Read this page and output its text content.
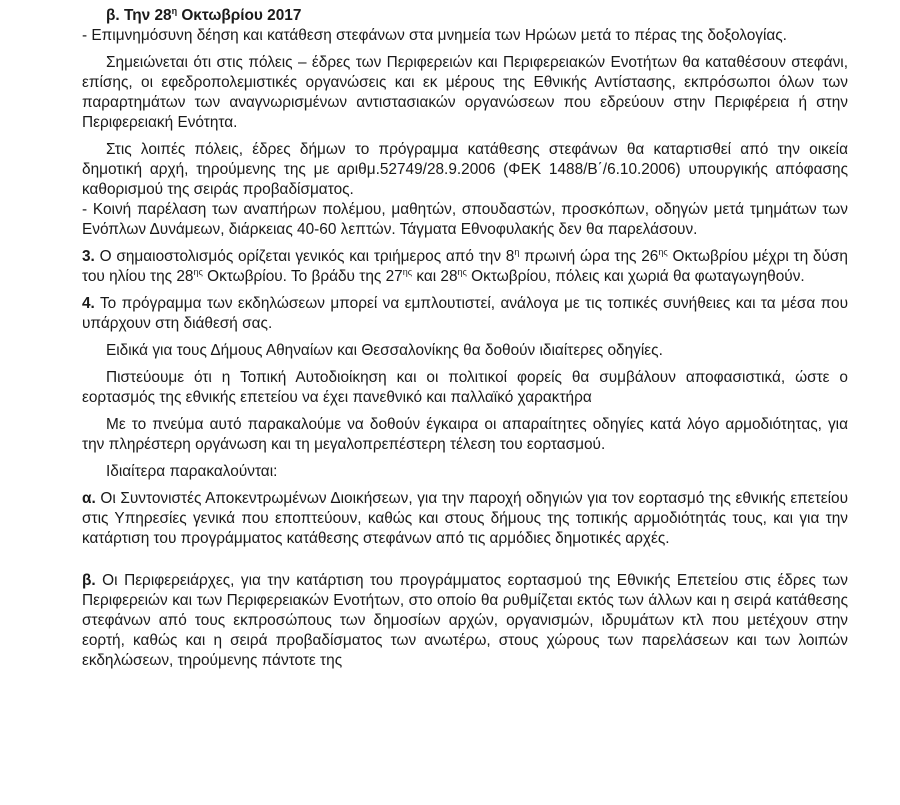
β. Την $28^\eta$ Οκτωβρίου 2017

- Επιμνημόσυνη δέηση και κατάθεση στεφάνων στα μνημεία των Ηρώων μετά το πέρας της δοξολογίας.

Σημειώνεται ότι στις πόλεις – έδρες των Περιφερειών και Περιφερειακών Ενοτήτων θα καταθέσουν στεφάνι, επίσης, οι εφεδροπολεμιστικές οργανώσεις και εκ μέρους της Εθνικής Αντίστασης, εκπρόσωποι όλων των παραρτημάτων των αναγνωρισμένων αντιστασιακών οργανώσεων που εδρεύουν στην Περιφέρεια ή στην Περιφερειακή Ενότητα.

Στις λοιπές πόλεις, έδρες δήμων το πρόγραμμα κατάθεσης στεφάνων θα καταρτισθεί από την οικεία δημοτική αρχή, τηρούμενης της με αριθμ.52749/28.9.2006 (ΦΕΚ 1488/Β΄/6.10.2006) υπουργικής απόφασης καθορισμού της σειράς προβαδίσματος.

- Κοινή παρέλαση των αναπήρων πολέμου, μαθητών, σπουδαστών, προσκόπων, οδηγών μετά τμημάτων των Ενόπλων Δυνάμεων, διάρκειας 40-60 λεπτών. Τάγματα Εθνοφυλακής δεν θα παρελάσουν.

3. Ο σημαιοστολισμός ορίζεται γενικός και τριήμερος από την $8^\eta$ πρωινή ώρα της $26^{\eta\varsigma}$ Οκτωβρίου μέχρι τη δύση του ηλίου της $28^{\eta\varsigma}$ Οκτωβρίου. Το βράδυ της $27^{\eta\varsigma}$ και $28^{\eta\varsigma}$ Οκτωβρίου, πόλεις και χωριά θα φωταγωγηθούν.

4. Το πρόγραμμα των εκδηλώσεων μπορεί να εμπλουτιστεί, ανάλογα με τις τοπικές συνήθειες και τα μέσα που υπάρχουν στη διάθεσή σας.

Ειδικά για τους Δήμους Αθηναίων και Θεσσαλονίκης θα δοθούν ιδιαίτερες οδηγίες.

Πιστεύουμε ότι η Τοπική Αυτοδιοίκηση και οι πολιτικοί φορείς θα συμβάλουν αποφασιστικά, ώστε ο εορτασμός της εθνικής επετείου να έχει πανεθνικό και παλλαϊκό χαρακτήρα

Με το πνεύμα αυτό παρακαλούμε να δοθούν έγκαιρα οι απαραίτητες οδηγίες κατά λόγο αρμοδιότητας, για την πληρέστερη οργάνωση και τη μεγαλοπρεπέστερη τέλεση του εορτασμού.

Ιδιαίτερα παρακαλούνται:

α. Οι Συντονιστές Αποκεντρωμένων Διοικήσεων, για την παροχή οδηγιών για τον εορτασμό της εθνικής επετείου στις Υπηρεσίες γενικά που εποπτεύουν, καθώς και στους δήμους της τοπικής αρμοδιότητάς τους, και για την κατάρτιση του προγράμματος κατάθεσης στεφάνων από τις αρμόδιες δημοτικές αρχές.

β. Οι Περιφερειάρχες, για την κατάρτιση του προγράμματος εορτασμού της Εθνικής Επετείου στις έδρες των Περιφερειών και των Περιφερειακών Ενοτήτων, στο οποίο θα ρυθμίζεται εκτός των άλλων και η σειρά κατάθεσης στεφάνων από τους εκπροσώπους των δημοσίων αρχών, οργανισμών, ιδρυμάτων κτλ που μετέχουν στην εορτή, καθώς και η σειρά προβαδίσματος των ανωτέρω, στους χώρους των παρελάσεων και των λοιπών εκδηλώσεων, τηρούμενης πάντοτε της
